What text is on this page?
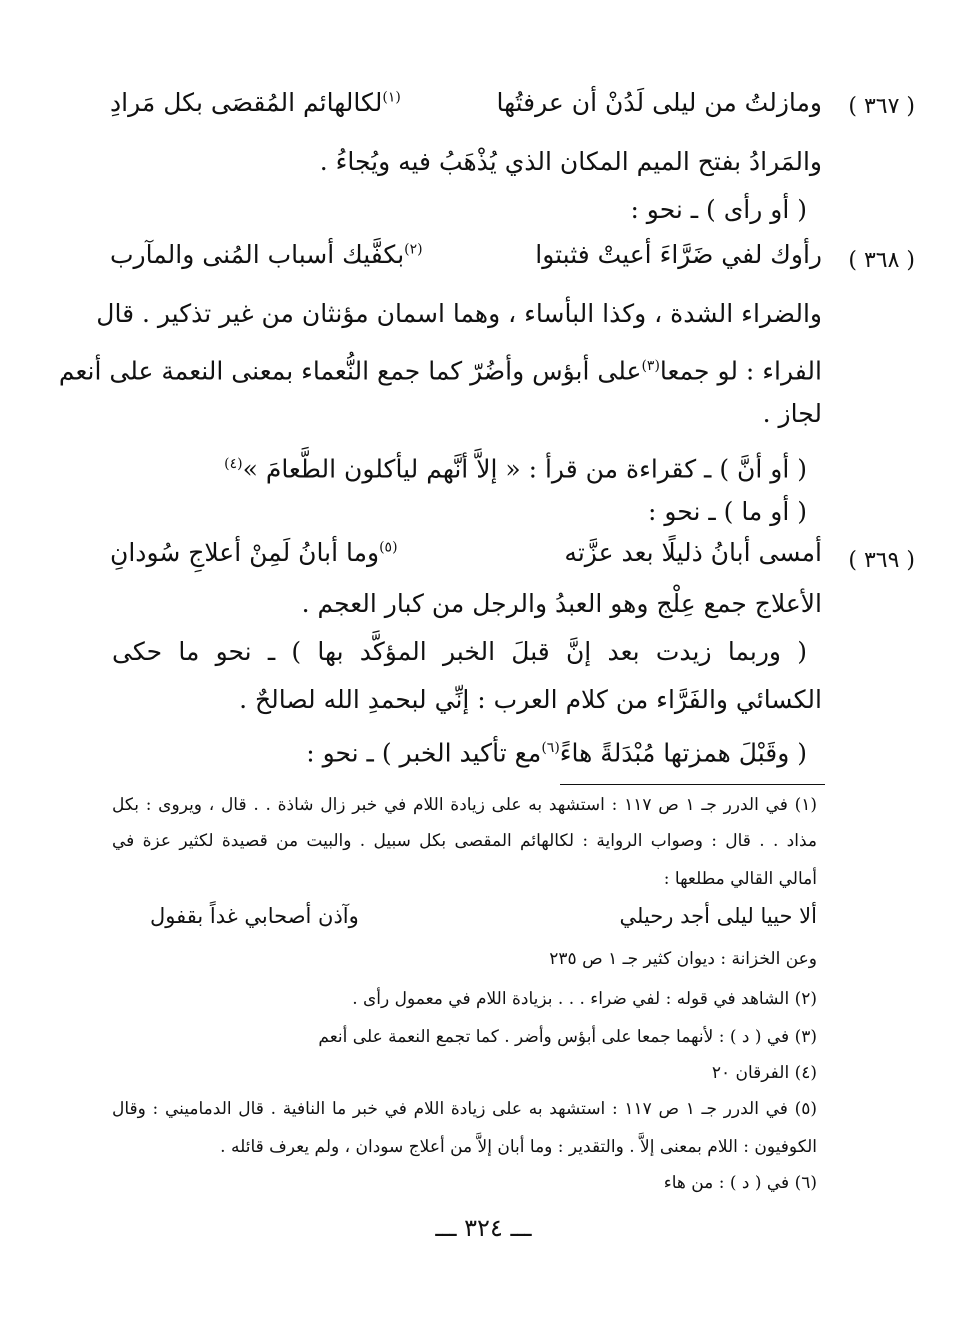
( ٣٦٧ )
ومازلتُ من ليلى لَدُنْ أن عرفتُها
$^{(١)}$لكالهائم المُقصَى بكل مَرادِ
والمَرادُ بفتح الميم المكان الذي يُذْهَبُ فيه ويُجاءُ .
( أو رأى ) ـ نحو :
( ٣٦٨ )
رأوك لفي ضَرَّاءَ أعيتْ فثبتوا
$^{(٢)}$بكفَّيك أسباب المُنى والمآرب
والضراء الشدة ، وكذا البأساء ، وهما اسمان مؤنثان من غير تذكير . قال
الفراء : لو جمعا$^{(٣)}$على أبؤس وأضُرّ كما جمع النُّعماء بمعنى النعمة على أنعم
لجاز .
( أو أنَّ ) ـ كقراءة من قرأ : « إلاَّ أنَّهم ليأكلون الطَّعامَ »$^{(٤)}$
( أو ما ) ـ نحو :
( ٣٦٩ )
أمسى أبانُ ذليلًا بعد عزَّته
$^{(٥)}$وما أبانُ لَمِنْ أعلاجِ سُودانِ
الأعلاج جمع عِلْج وهو العبدُ والرجل من كبار العجم .
( وربما زيدت بعد إنَّ قبلَ الخبر المؤكَّد بها ) ـ نحو ما حكى
الكسائي والفَرَّاء من كلام العرب : إنِّي لبحمدِ الله لصالحٌ .
( وقَبْلَ همزتها مُبْدَلةً هاءً$^{(٦)}$مع تأكيد الخبر ) ـ نحو :
(١) في الدرر جـ ١ ص ١١٧ : استشهد به على زيادة اللام في خبر زال شاذة . . قال ، ويروى : بكل
مذاد . . قال : وصواب الرواية : لكالهائم المقصى بكل سبيل . والبيت من قصيدة لكثير عزة في
أمالي القالي مطلعها :
ألا حييا ليلى أجد رحيلي
وآذن أصحابي غداً بقفول
وعن الخزانة : ديوان كثير جـ ١ ص ٢٣٥
(٢) الشاهد في قوله : لفي ضراء . . . بزيادة اللام في معمول رأى .
(٣) في ( د ) : لأنهما جمعا على أبؤس وأضر . كما تجمع النعمة على أنعم
(٤) الفرقان ٢٠
(٥) في الدرر جـ ١ ص ١١٧ : استشهد به على زيادة اللام في خبر ما النافية . قال الدماميني : وقال
الكوفيون : اللام بمعنى إلاَّ . والتقدير : وما أبان إلاَّ من أعلاج سودان ، ولم يعرف قائله .
(٦) في ( د ) : من هاء
ـــ ٣٢٤ ـــ
